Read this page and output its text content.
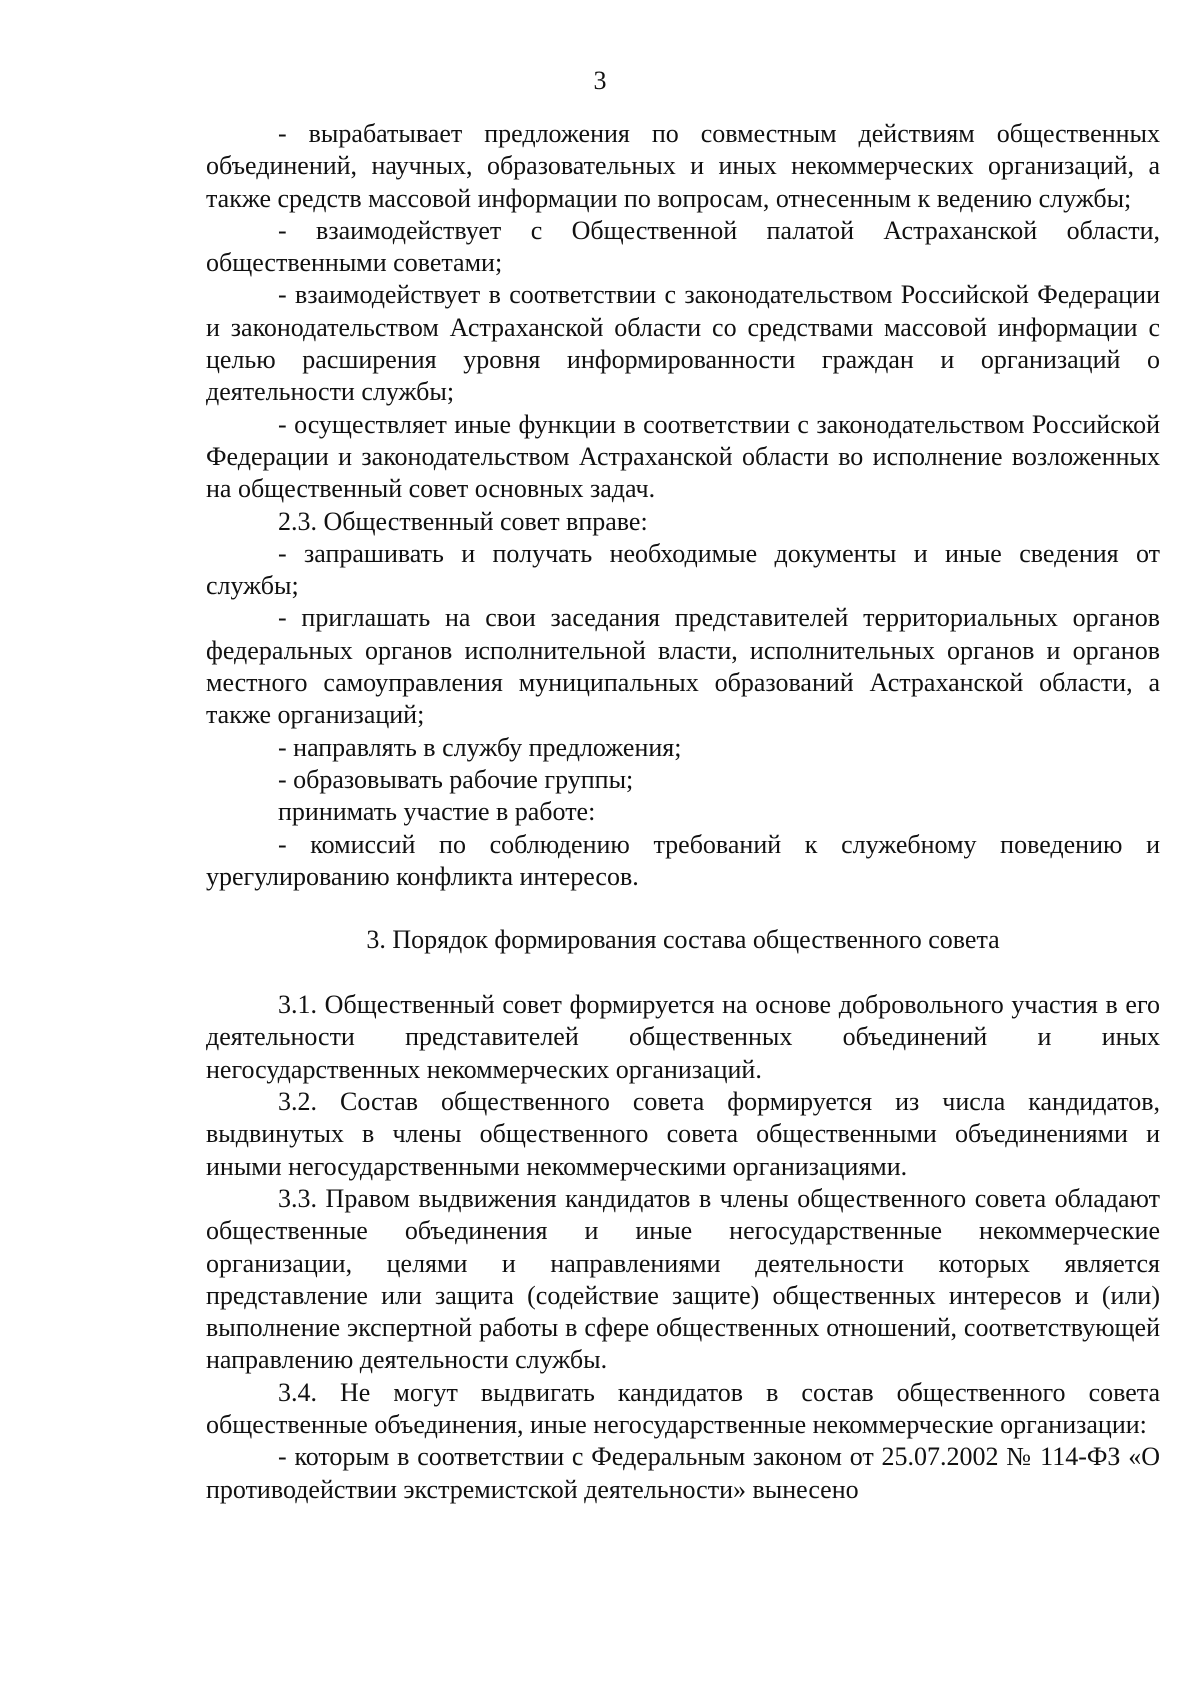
3

- вырабатывает предложения по совместным действиям общественных объединений, научных, образовательных и иных некоммерческих организаций, а также средств массовой информации по вопросам, отнесенным к ведению службы;

- взаимодействует с Общественной палатой Астраханской области, общественными советами;

- взаимодействует в соответствии с законодательством Российской Федерации и законодательством Астраханской области со средствами массовой информации с целью расширения уровня информированности граждан и организаций о деятельности службы;

- осуществляет иные функции в соответствии с законодательством Российской Федерации и законодательством Астраханской области во исполнение возложенных на общественный совет основных задач.

2.3. Общественный совет вправе:

- запрашивать и получать необходимые документы и иные сведения от службы;

- приглашать на свои заседания представителей территориальных органов федеральных органов исполнительной власти, исполнительных органов и органов местного самоуправления муниципальных образований Астраханской области, а также организаций;

- направлять в службу предложения;

- образовывать рабочие группы;

принимать участие в работе:

- комиссий по соблюдению требований к служебному поведению и урегулированию конфликта интересов.

3. Порядок формирования состава общественного совета

3.1. Общественный совет формируется на основе добровольного участия в его деятельности представителей общественных объединений и иных негосударственных некоммерческих организаций.

3.2. Состав общественного совета формируется из числа кандидатов, выдвинутых в члены общественного совета общественными объединениями и иными негосударственными некоммерческими организациями.

3.3. Правом выдвижения кандидатов в члены общественного совета обладают общественные объединения и иные негосударственные некоммерческие организации, целями и направлениями деятельности которых является представление или защита (содействие защите) общественных интересов и (или) выполнение экспертной работы в сфере общественных отношений, соответствующей направлению деятельности службы.

3.4. Не могут выдвигать кандидатов в состав общественного совета общественные объединения, иные негосударственные некоммерческие организации:

- которым в соответствии с Федеральным законом от 25.07.2002 № 114-ФЗ «О противодействии экстремистской деятельности» вынесено
